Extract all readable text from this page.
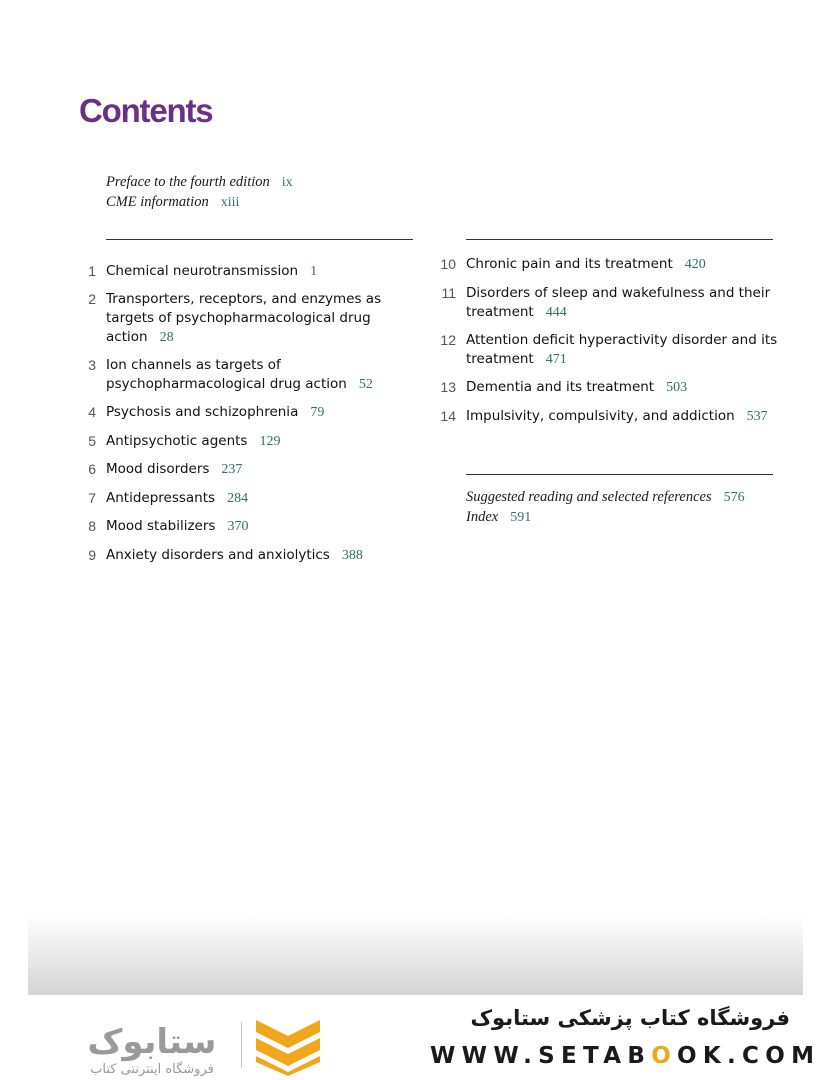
Contents
Preface to the fourth edition ix
CME information xiii
1 Chemical neurotransmission 1
2 Transporters, receptors, and enzymes as
targets of psychopharmacological drug
action 28
3 Ion channels as targets of
psychopharmacological drug action 52
4 Psychosis and schizophrenia 79
5 Antipsychotic agents 129
6 Mood disorders 237
7 Antidepressants 284
8 Mood stabilizers 370
9 Anxiety disorders and anxiolytics 388
10 Chronic pain and its treatment 420
11 Disorders of sleep and wakefulness and their
treatment 444
12 Attention deficit hyperactivity disorder and its
treatment 471
13 Dementia and its treatment 503
14 Impulsivity, compulsivity, and addiction 537
Suggested reading and selected references 576
Index 591
ستابوک
فروشگاه اینترنتی کتاب
فروشگاه کتاب پزشکی ستابوک
WWW.SETABOOK.COM
